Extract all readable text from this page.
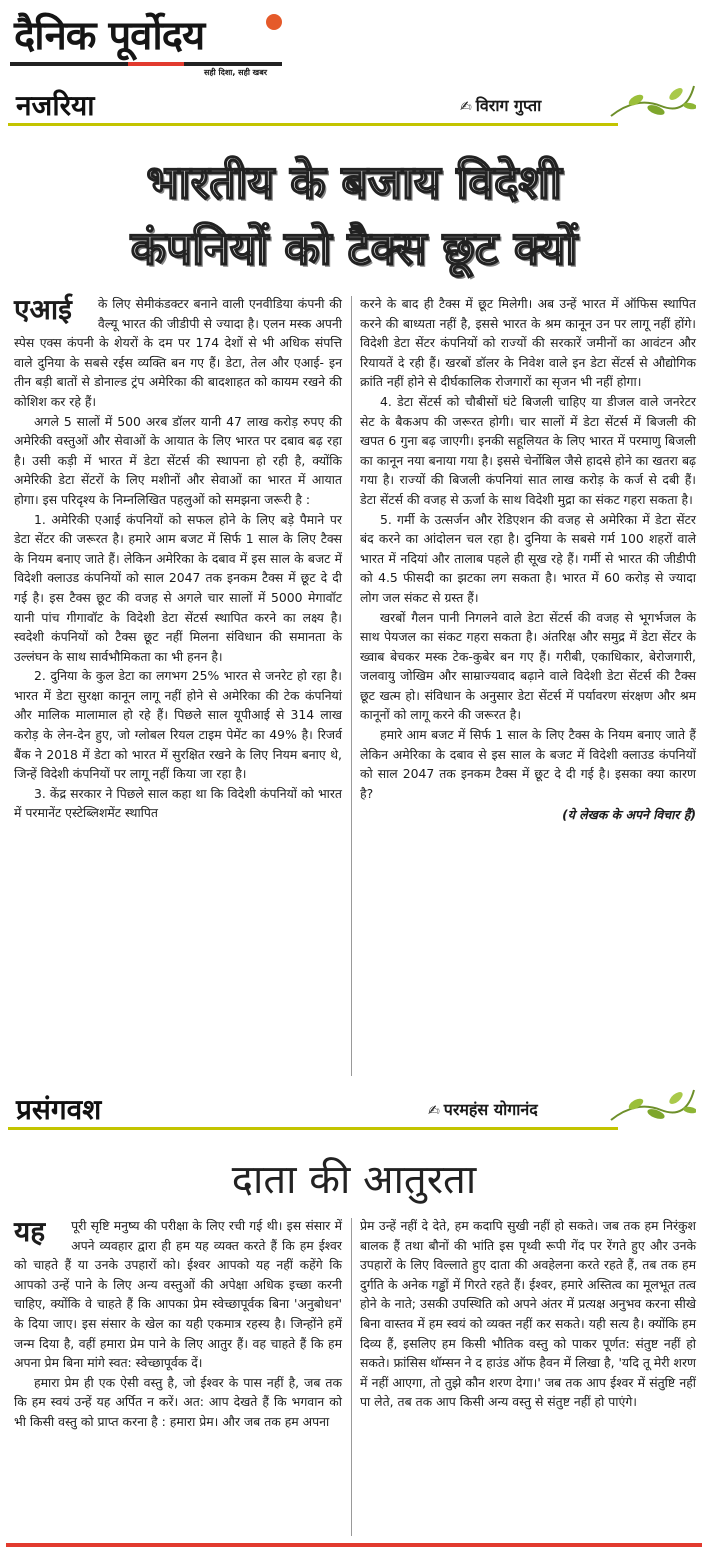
दैनिक पूर्वोदय
सही दिशा, सही खबर
नजरिया	✍ विराग गुप्ता
भारतीय के बजाय विदेशी
कंपनियों को टैक्स छूट क्यों
एआई	के लिए सेमीकंडक्टर बनाने वाली एनवीडिया कंपनी की वैल्यू भारत की जीडीपी से ज्यादा है। एलन मस्क अपनी स्पेस एक्स कंपनी के शेयरों के दम पर 174 देशों से भी अधिक संपत्ति वाले दुनिया के सबसे रईस व्यक्ति बन गए हैं। डेटा, तेल और एआई- इन तीन बड़ी बातों से डोनाल्ड ट्रंप अमेरिका की बादशाहत को कायम रखने की कोशिश कर रहे हैं।

अगले 5 सालों में 500 अरब डॉलर यानी 47 लाख करोड़ रुपए की अमेरिकी वस्तुओं और सेवाओं के आयात के लिए भारत पर दबाव बढ़ रहा है। उसी कड़ी में भारत में डेटा सेंटर्स की स्थापना हो रही है, क्योंकि अमेरिकी डेटा सेंटरों के लिए मशीनों और सेवाओं का भारत में आयात होगा। इस परिदृश्य के निम्नलिखित पहलुओं को समझना जरूरी है :

1. अमेरिकी एआई कंपनियों को सफल होने के लिए बड़े पैमाने पर डेटा सेंटर की जरूरत है। हमारे आम बजट में सिर्फ 1 साल के लिए टैक्स के नियम बनाए जाते हैं। लेकिन अमेरिका के दबाव में इस साल के बजट में विदेशी क्लाउड कंपनियों को साल 2047 तक इनकम टैक्स में छूट दे दी गई है। इस टैक्स छूट की वजह से अगले चार सालों में 5000 मेगावॉट यानी पांच गीगावॉट के विदेशी डेटा सेंटर्स स्थापित करने का लक्ष्य है। स्वदेशी कंपनियों को टैक्स छूट नहीं मिलना संविधान की समानता के उल्लंघन के साथ सार्वभौमिकता का भी हनन है।

2. दुनिया के कुल डेटा का लगभग 25% भारत से जनरेट हो रहा है। भारत में डेटा सुरक्षा कानून लागू नहीं होने से अमेरिका की टेक कंपनियां और मालिक मालामाल हो रहे हैं। पिछले साल यूपीआई से 314 लाख करोड़ के लेन-देन हुए, जो ग्लोबल रियल टाइम पेमेंट का 49% है। रिजर्व बैंक ने 2018 में डेटा को भारत में सुरक्षित रखने के लिए नियम बनाए थे, जिन्हें विदेशी कंपनियों पर लागू नहीं किया जा रहा है।

3. केंद्र सरकार ने पिछले साल कहा था कि विदेशी कंपनियों को भारत में परमानेंट एस्टेब्लिशमेंट स्थापित

करने के बाद ही टैक्स में छूट मिलेगी। अब उन्हें भारत में ऑफिस स्थापित करने की बाध्यता नहीं है, इससे भारत के श्रम कानून उन पर लागू नहीं होंगे। विदेशी डेटा सेंटर कंपनियों को राज्यों की सरकारें जमीनों का आवंटन और रियायतें दे रही हैं। खरबों डॉलर के निवेश वाले इन डेटा सेंटर्स से औद्योगिक क्रांति नहीं होने से दीर्घकालिक रोजगारों का सृजन भी नहीं होगा।

4. डेटा सेंटर्स को चौबीसों घंटे बिजली चाहिए या डीजल वाले जनरेटर सेट के बैकअप की जरूरत होगी। चार सालों में डेटा सेंटर्स में बिजली की खपत 6 गुना बढ़ जाएगी। इनकी सहूलियत के लिए भारत में परमाणु बिजली का कानून नया बनाया गया है। इससे चेर्नोबिल जैसे हादसे होने का खतरा बढ़ गया है। राज्यों की बिजली कंपनियां सात लाख करोड़ के कर्ज से दबी हैं। डेटा सेंटर्स की वजह से ऊर्जा के साथ विदेशी मुद्रा का संकट गहरा सकता है।

5. गर्मी के उत्सर्जन और रेडिएशन की वजह से अमेरिका में डेटा सेंटर बंद करने का आंदोलन चल रहा है। दुनिया के सबसे गर्म 100 शहरों वाले भारत में नदियां और तालाब पहले ही सूख रहे हैं। गर्मी से भारत की जीडीपी को 4.5 फीसदी का झटका लग सकता है। भारत में 60 करोड़ से ज्यादा लोग जल संकट से ग्रस्त हैं।

खरबों गैलन पानी निगलने वाले डेटा सेंटर्स की वजह से भूगर्भजल के साथ पेयजल का संकट गहरा सकता है। अंतरिक्ष और समुद्र में डेटा सेंटर के ख्वाब बेचकर मस्क टेक-कुबेर बन गए हैं। गरीबी, एकाधिकार, बेरोजगारी, जलवायु जोखिम और साम्राज्यवाद बढ़ाने वाले विदेशी डेटा सेंटर्स की टैक्स छूट खत्म हो। संविधान के अनुसार डेटा सेंटर्स में पर्यावरण संरक्षण और श्रम कानूनों को लागू करने की जरूरत है।

हमारे आम बजट में सिर्फ 1 साल के लिए टैक्स के नियम बनाए जाते हैं लेकिन अमेरिका के दबाव से इस साल के बजट में विदेशी क्लाउड कंपनियों को साल 2047 तक इनकम टैक्स में छूट दे दी गई है। इसका क्या कारण है?

(ये लेखक के अपने विचार हैं)
प्रसंगवश	✍ परमहंस योगानंद
दाता की आतुरता
यह	पूरी सृष्टि मनुष्य की परीक्षा के लिए रची गई थी। इस संसार में अपने व्यवहार द्वारा ही हम यह व्यक्त करते हैं कि हम ईश्वर को चाहते हैं या उनके उपहारों को। ईश्वर आपको यह नहीं कहेंगे कि आपको उन्हें पाने के लिए अन्य वस्तुओं की अपेक्षा अधिक इच्छा करनी चाहिए, क्योंकि वे चाहते हैं कि आपका प्रेम स्वेच्छापूर्वक बिना 'अनुबोधन' के दिया जाए। इस संसार के खेल का यही एकमात्र रहस्य है। जिन्होंने हमें जन्म दिया है, वहीं हमारा प्रेम पाने के लिए आतुर हैं। वह चाहते हैं कि हम अपना प्रेम बिना मांगे स्वत: स्वेच्छापूर्वक दें।

हमारा प्रेम ही एक ऐसी वस्तु है, जो ईश्वर के पास नहीं है, जब तक कि हम स्वयं उन्हें यह अर्पित न करें। अत: आप देखते हैं कि भगवान को भी किसी वस्तु को प्राप्त करना है : हमारा प्रेम। और जब तक हम अपना

प्रेम उन्हें नहीं दे देते, हम कदापि सुखी नहीं हो सकते। जब तक हम निरंकुश बालक हैं तथा बौनों की भांति इस पृथ्वी रूपी गेंद पर रेंगते हुए और उनके उपहारों के लिए विल्लाते हुए दाता की अवहेलना करते रहते हैं, तब तक हम दुर्गति के अनेक गड्ढों में गिरते रहते हैं। ईश्वर, हमारे अस्तित्व का मूलभूत तत्व होने के नाते; उसकी उपस्थिति को अपने अंतर में प्रत्यक्ष अनुभव करना सीखे बिना वास्तव में हम स्वयं को व्यक्त नहीं कर सकते। यही सत्य है। क्योंकि हम दिव्य हैं, इसलिए हम किसी भौतिक वस्तु को पाकर पूर्णत: संतुष्ट नहीं हो सकते। फ्रांसिस थॉम्सन ने द हाउंड ऑफ हैवन में लिखा है, 'यदि तू मेरी शरण में नहीं आएगा, तो तुझे कौन शरण देगा।' जब तक आप ईश्वर में संतुष्टि नहीं पा लेते, तब तक आप किसी अन्य वस्तु से संतुष्ट नहीं हो पाएंगे।
